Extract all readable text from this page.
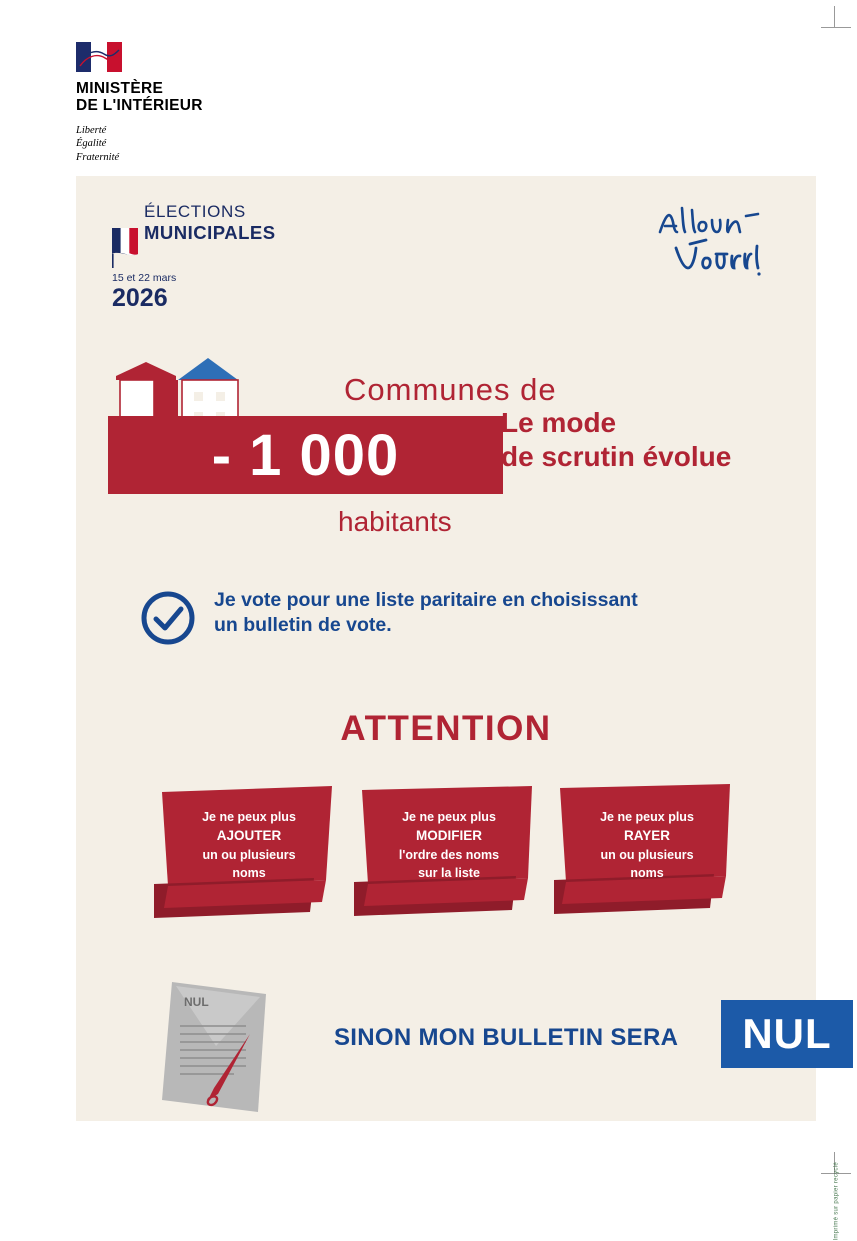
MINISTÈRE
DE L'INTÉRIEUR
Liberté
Égalité
Fraternité
ÉLECTIONS
MUNICIPALES
15 et 22 mars
2026
Communes de
- 1 000
habitants
Le mode
de scrutin évolue
Je vote pour une liste paritaire en choisissant
un bulletin de vote.
ATTENTION
Je ne peux plus
AJOUTER
un ou plusieurs
noms
Je ne peux plus
MODIFIER
l'ordre des noms
sur la liste
Je ne peux plus
RAYER
un ou plusieurs
noms
NUL
SINON MON BULLETIN SERA	NUL
Imprimé sur papier recyclé
